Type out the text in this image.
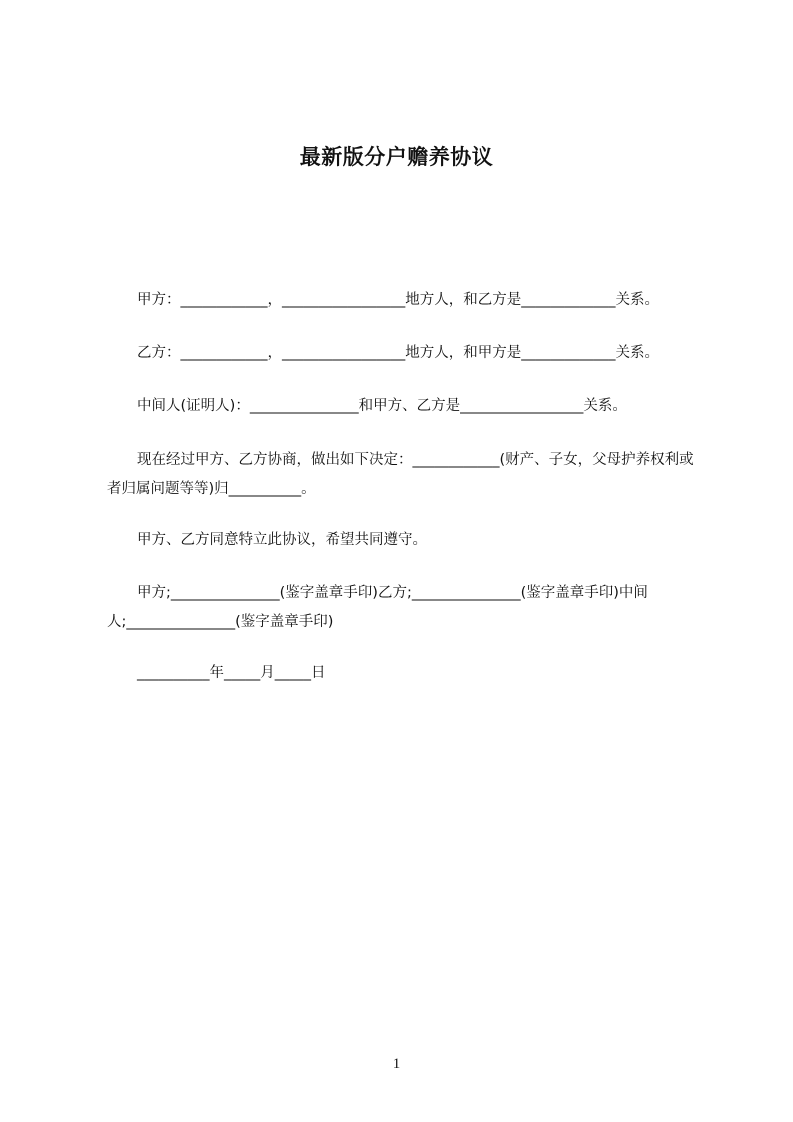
最新版分户赡养协议

甲方：____________，_________________地方人，和乙方是_____________关系。

乙方：____________，_________________地方人，和甲方是_____________关系。

中间人(证明人)：_______________和甲方、乙方是_________________关系。

现在经过甲方、乙方协商，做出如下决定：____________(财产、子女，父母护养权利或者归属问题等等)归__________。

甲方、乙方同意特立此协议，希望共同遵守。

甲方;_______________(鉴字盖章手印)乙方;_______________(鉴字盖章手印)中间人;_______________(鉴字盖章手印)

__________年_____月_____日

1
